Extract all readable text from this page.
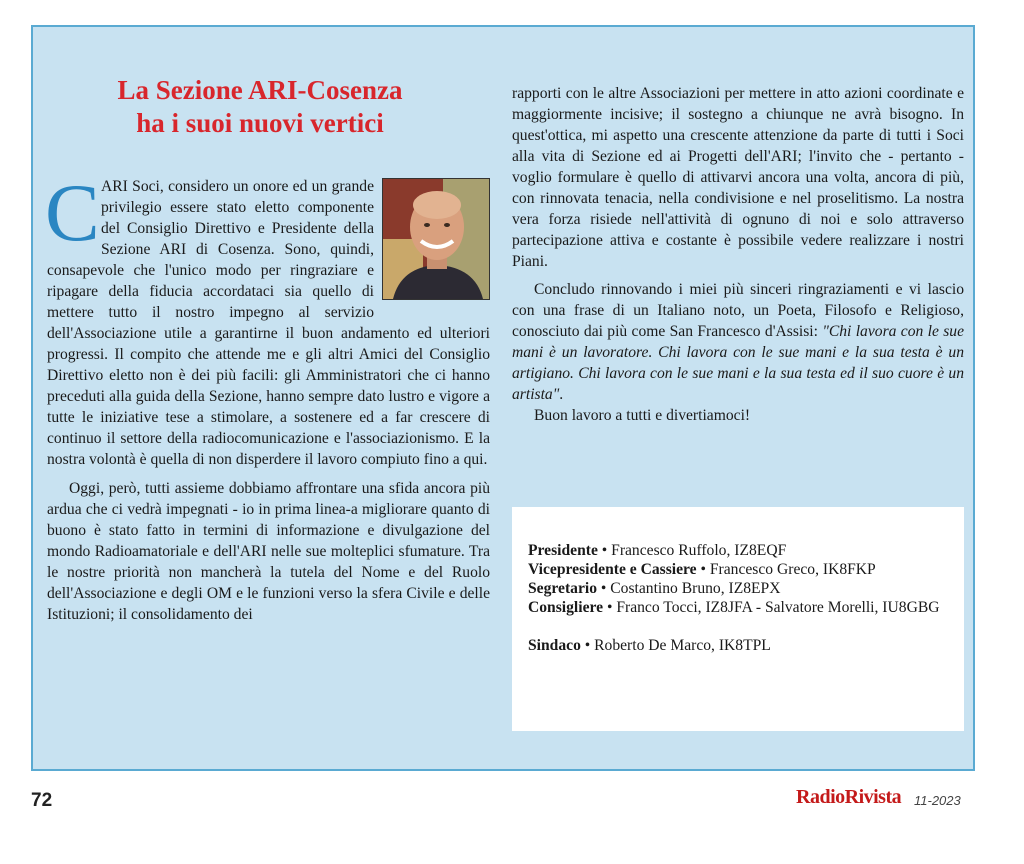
La Sezione ARI-Cosenza
ha i suoi nuovi vertici

C ARI Soci, considero un onore ed un grande privilegio essere stato eletto componente del Consiglio Direttivo e Presidente della Sezione ARI di Cosenza. Sono, quindi, consapevole che l'unico modo per ringraziare e ripagare della fiducia accordataci sia quello di mettere tutto il nostro impegno al servizio dell'Associazione utile a garantirne il buon andamento ed ulteriori progressi. Il compito che attende me e gli altri Amici del Consiglio Direttivo eletto non è dei più facili: gli Amministratori che ci hanno preceduti alla guida della Sezione, hanno sempre dato lustro e vigore a tutte le iniziative tese a stimolare, a sostenere ed a far crescere di continuo il settore della radiocomunicazione e l'associazionismo. E la nostra volontà è quella di non disperdere il lavoro compiuto fino a qui.

Oggi, però, tutti assieme dobbiamo affrontare una sfida ancora più ardua che ci vedrà impegnati - io in prima linea-a migliorare quanto di buono è stato fatto in termini di informazione e divulgazione del mondo Radioamatoriale e dell'ARI nelle sue molteplici sfumature. Tra le nostre priorità non mancherà la tutela del Nome e del Ruolo dell'Associazione e degli OM e le funzioni verso la sfera Civile e delle Istituzioni; il consolidamento dei

rapporti con le altre Associazioni per mettere in atto azioni coordinate e maggiormente incisive; il sostegno a chiunque ne avrà bisogno. In quest'ottica, mi aspetto una crescente attenzione da parte di tutti i Soci alla vita di Sezione ed ai Progetti dell'ARI; l'invito che - pertanto - voglio formulare è quello di attivarvi ancora una volta, ancora di più, con rinnovata tenacia, nella condivisione e nel proselitismo. La nostra vera forza risiede nell'attività di ognuno di noi e solo attraverso partecipazione attiva e costante è possibile vedere realizzare i nostri Piani.

Concludo rinnovando i miei più sinceri ringraziamenti e vi lascio con una frase di un Italiano noto, un Poeta, Filosofo e Religioso, conosciuto dai più come San Francesco d'Assisi: "Chi lavora con le sue mani è un lavoratore. Chi lavora con le sue mani e la sua testa è un artigiano. Chi lavora con le sue mani e la sua testa ed il suo cuore è un artista".

Buon lavoro a tutti e divertiamoci!

Presidente • Francesco Ruffolo, IZ8EQF

Vicepresidente e Cassiere • Francesco Greco, IK8FKP

Segretario • Costantino Bruno, IZ8EPX

Consigliere • Franco Tocci, IZ8JFA - Salvatore Morelli, IU8GBG

Sindaco • Roberto De Marco, IK8TPL

72	RadioRivista 11-2023
